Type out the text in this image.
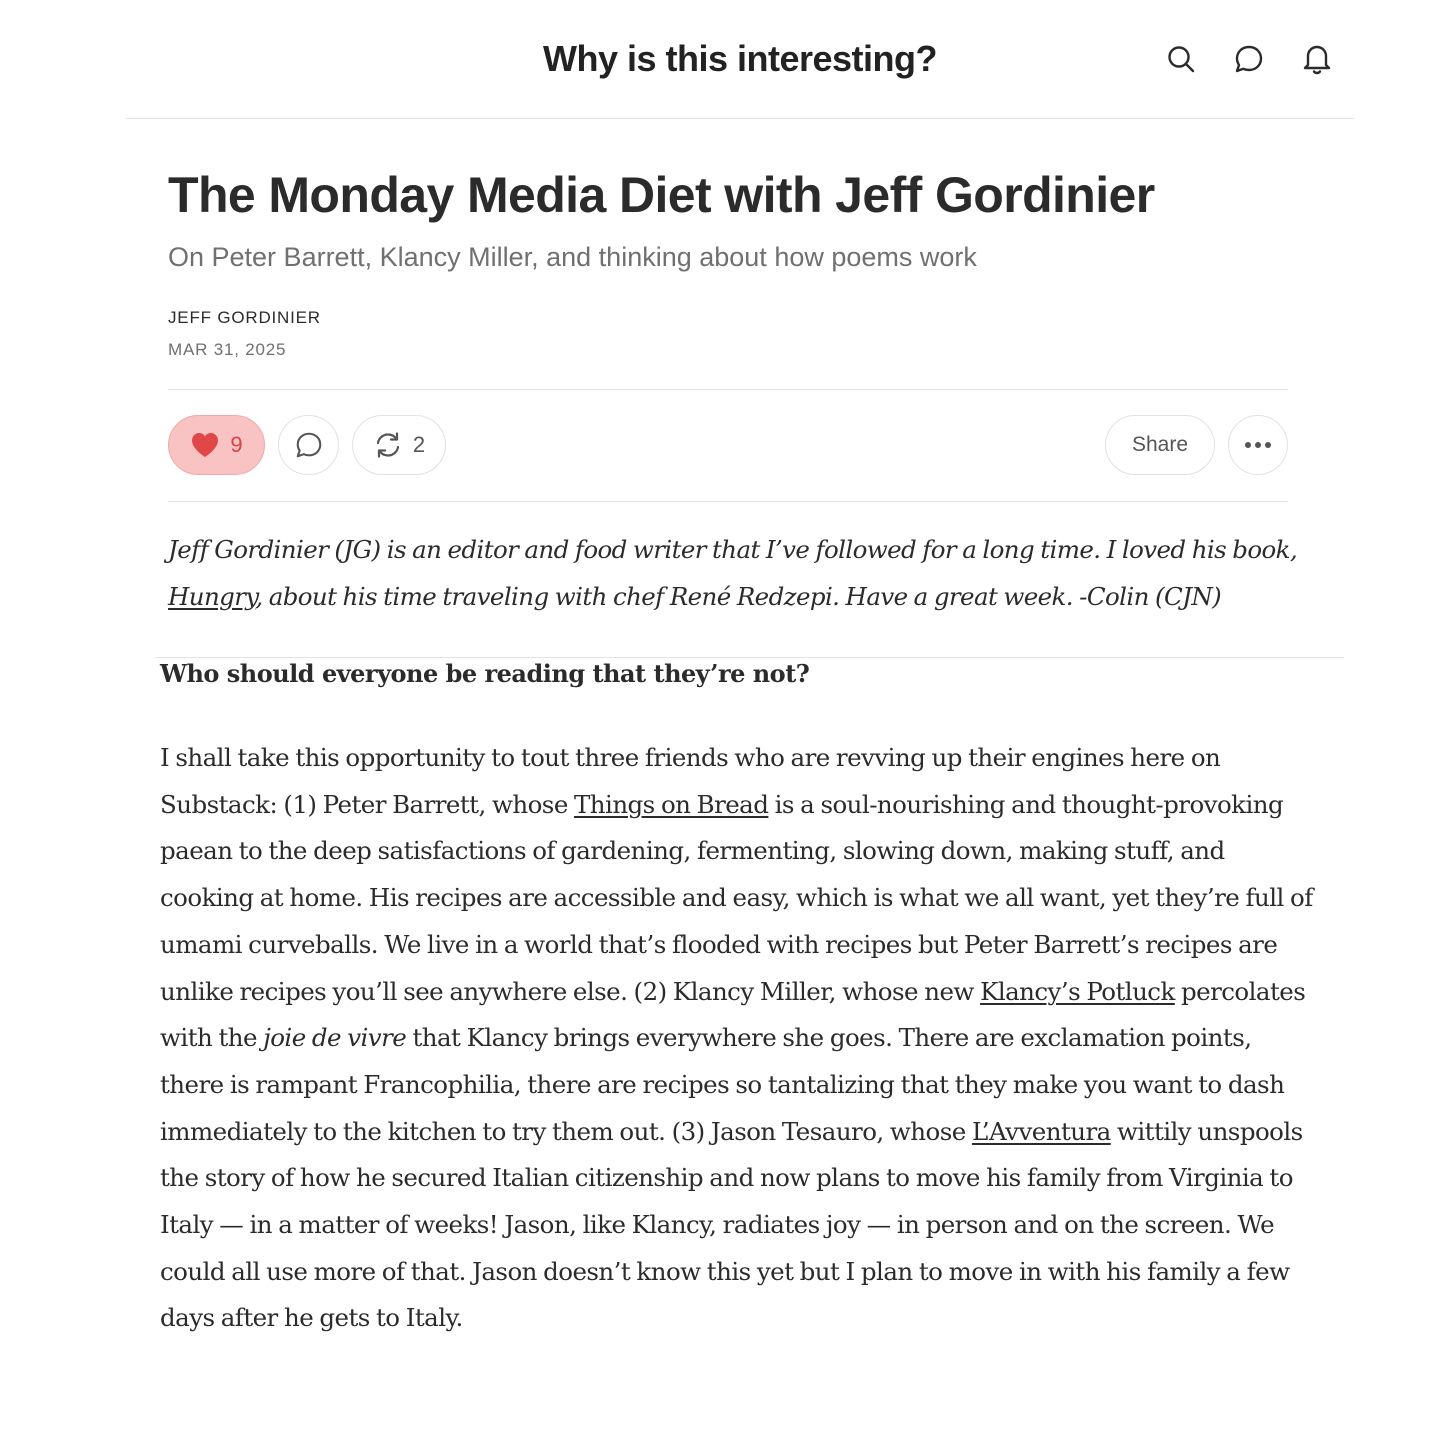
Why is this interesting?
The Monday Media Diet with Jeff Gordinier

On Peter Barrett, Klancy Miller, and thinking about how poems work

JEFF GORDINIER
MAR 31, 2025
9	2	Share

Jeff Gordinier (JG) is an editor and food writer that I’ve followed for a long time. I loved his book, Hungry, about his time traveling with chef René Redzepi. Have a great week. -Colin (CJN)

Who should everyone be reading that they’re not?

I shall take this opportunity to tout three friends who are revving up their engines here on Substack: (1) Peter Barrett, whose Things on Bread is a soul-nourishing and thought-provoking paean to the deep satisfactions of gardening, fermenting, slowing down, making stuff, and cooking at home. His recipes are accessible and easy, which is what we all want, yet they’re full of umami curveballs. We live in a world that’s flooded with recipes but Peter Barrett’s recipes are unlike recipes you’ll see anywhere else. (2) Klancy Miller, whose new Klancy’s Potluck percolates with the joie de vivre that Klancy brings everywhere she goes. There are exclamation points, there is rampant Francophilia, there are recipes so tantalizing that they make you want to dash immediately to the kitchen to try them out. (3) Jason Tesauro, whose L’Avventura wittily unspools the story of how he secured Italian citizenship and now plans to move his family from Virginia to Italy — in a matter of weeks! Jason, like Klancy, radiates joy — in person and on the screen. We could all use more of that. Jason doesn’t know this yet but I plan to move in with his family a few days after he gets to Italy.
